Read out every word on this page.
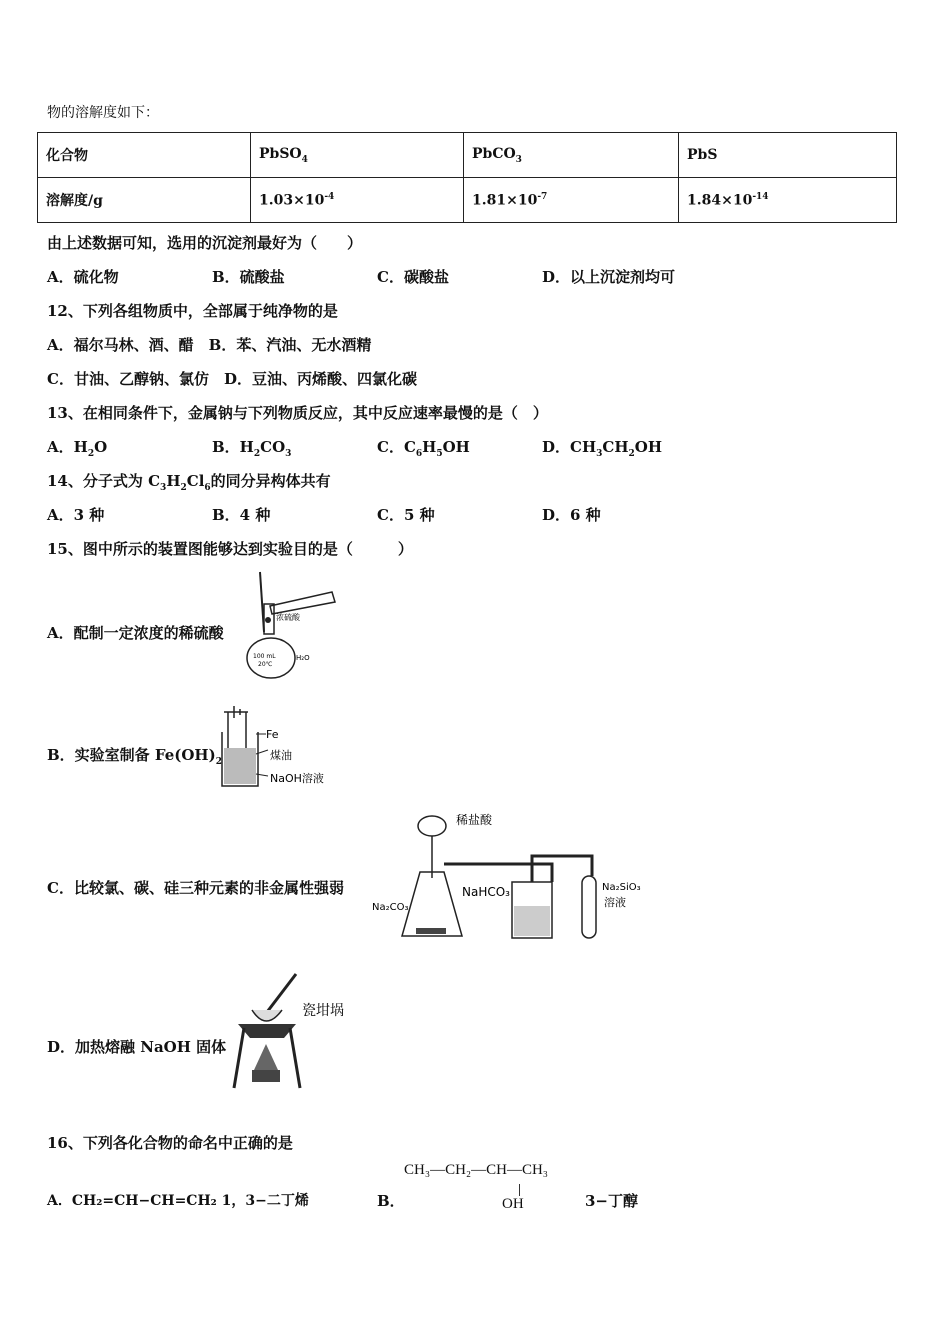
物的溶解度如下：
化合物	PbSO$_4$	PbCO$_3$	PbS
溶解度/g	$1.03\times 10^{-4}$	$1.81\times 10^{-7}$	$1.84\times 10^{-14}$
由上述数据可知，选用的沉淀剂最好为（　　）
A．硫化物	B．硫酸盐	C．碳酸盐	D．以上沉淀剂均可
12、下列各组物质中，全部属于纯净物的是
A．福尔马林、酒、醋　B．苯、汽油、无水酒精
C．甘油、乙醇钠、氯仿　D．豆油、丙烯酸、四氯化碳
13、在相同条件下，金属钠与下列物质反应，其中反应速率最慢的是（　）
A．$H_2O$	B．$H_2CO_3$	C．$C_6H_5OH$	D．$CH_3CH_2OH$
14、分子式为 $C_3H_2Cl_6$的同分异构体共有
A．3 种	B．4 种	C．5 种	D．6 种
15、图中所示的装置图能够达到实验目的是（　　　）
A．配制一定浓度的稀硫酸
浓硫酸
100 mL
20℃
H₂O
B．实验室制备 $Fe(OH)_2$
Fe
煤油
NaOH溶液
C．比较氯、碳、硅三种元素的非金属性强弱
稀盐酸
NaHCO₃
Na₂CO₃
Na₂SiO₃
溶液
D．加热熔融 NaOH 固体
瓷坩埚
16、下列各化合物的命名中正确的是
A．CH₂=CH−CH=CH₂ 1，3−二丁烯	B．
CH₃—CH₂—CH—CH₃
OH	3−丁醇
